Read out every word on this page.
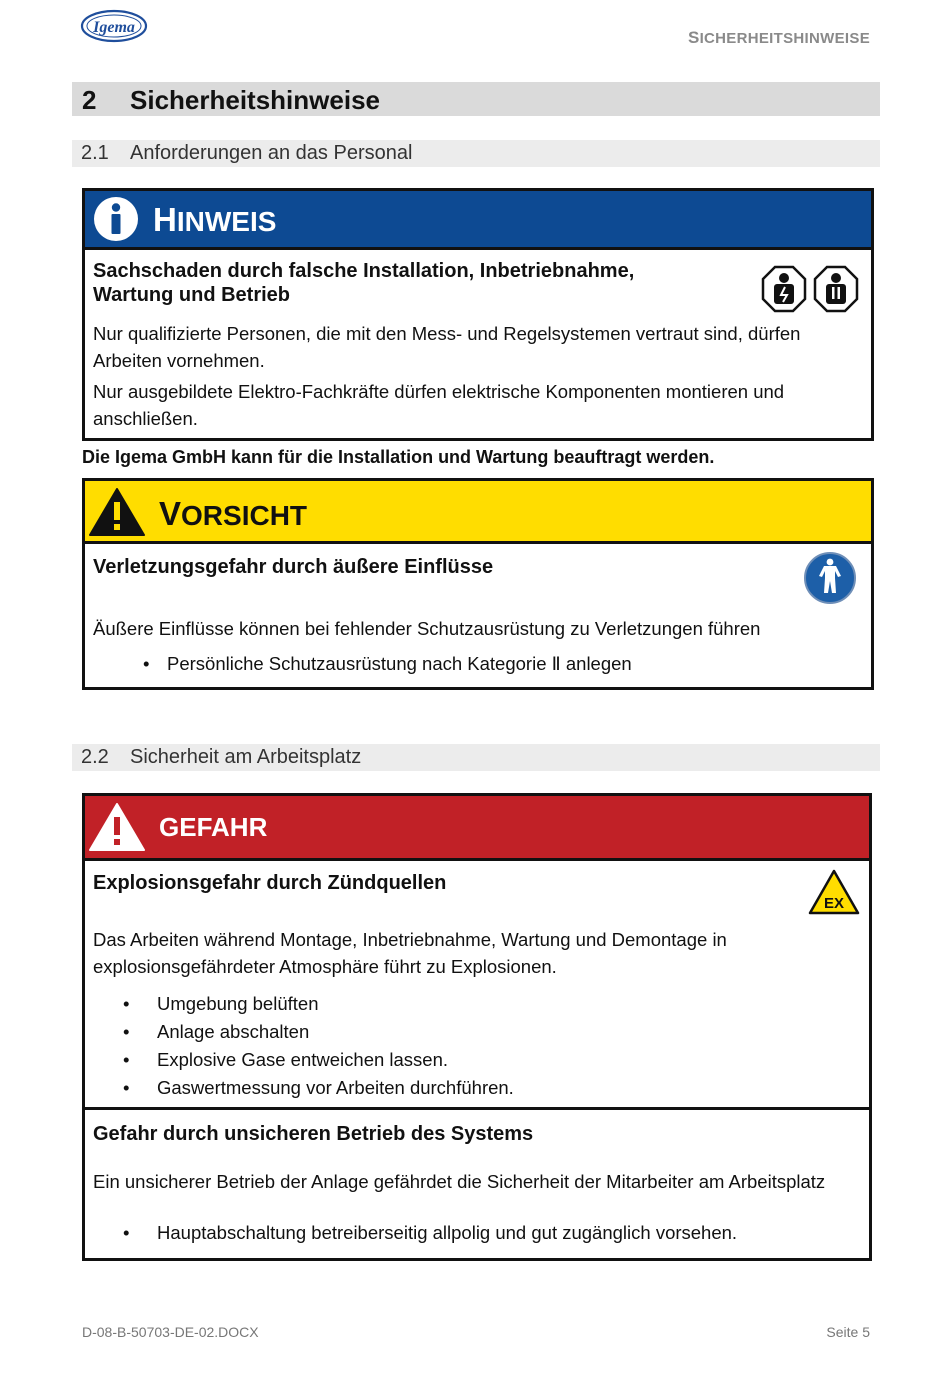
Igema
SICHERHEITSHINWEISE
2 Sicherheitshinweise
2.1 Anforderungen an das Personal
HINWEIS
Sachschaden durch falsche Installation, Inbetriebnahme, Wartung und Betrieb
Nur qualifizierte Personen, die mit den Mess- und Regelsystemen vertraut sind, dürfen Arbeiten vornehmen.
Nur ausgebildete Elektro-Fachkräfte dürfen elektrische Komponenten montieren und anschließen.
Die Igema GmbH kann für die Installation und Wartung beauftragt werden.
VORSICHT
Verletzungsgefahr durch äußere Einflüsse
Äußere Einflüsse können bei fehlender Schutzausrüstung zu Verletzungen führen
• Persönliche Schutzausrüstung nach Kategorie Ⅱ anlegen
2.2 Sicherheit am Arbeitsplatz
GEFAHR
Explosionsgefahr durch Zündquellen
EX
Das Arbeiten während Montage, Inbetriebnahme, Wartung und Demontage in explosionsgefährdeter Atmosphäre führt zu Explosionen.
• Umgebung belüften
• Anlage abschalten
• Explosive Gase entweichen lassen.
• Gaswertmessung vor Arbeiten durchführen.
Gefahr durch unsicheren Betrieb des Systems
Ein unsicherer Betrieb der Anlage gefährdet die Sicherheit der Mitarbeiter am Arbeitsplatz
• Hauptabschaltung betreiberseitig allpolig und gut zugänglich vorsehen.
D-08-B-50703-DE-02.DOCX	Seite 5
